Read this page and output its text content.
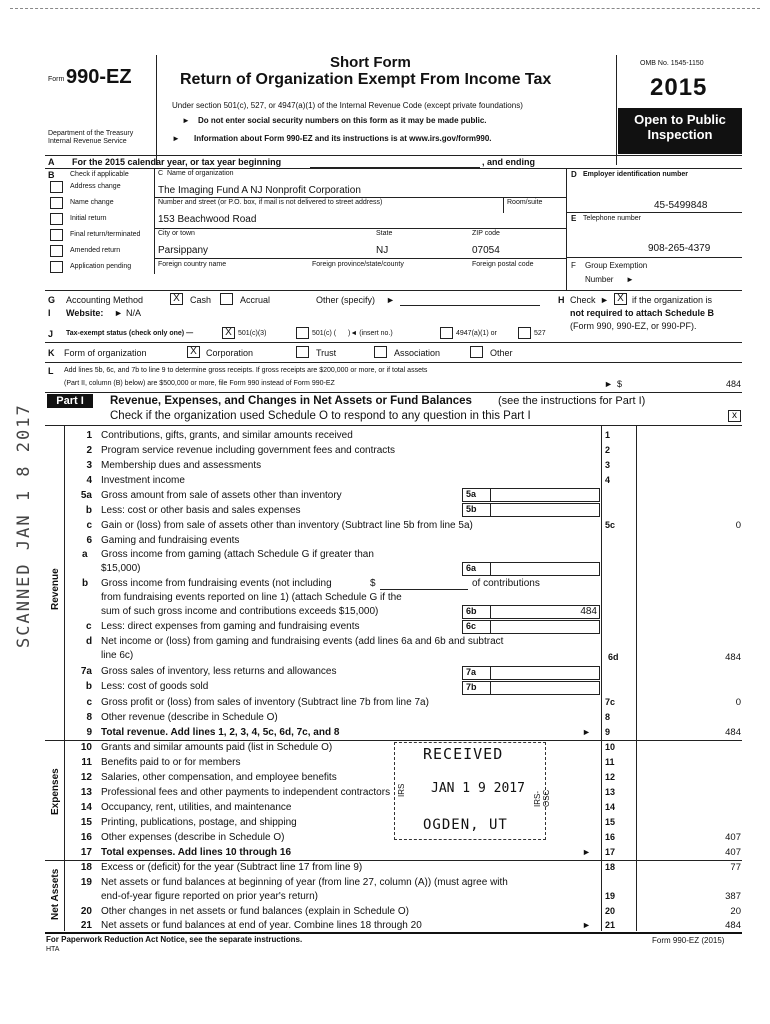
Form 990-EZ
Department of the Treasury
Internal Revenue Service
Short Form
Return of Organization Exempt From Income Tax
Under section 501(c), 527, or 4947(a)(1) of the Internal Revenue Code (except private foundations)
► Do not enter social security numbers on this form as it may be made public.
► Information about Form 990-EZ and its instructions is at www.irs.gov/form990.
OMB No. 1545-1150
2015
Open to Public
Inspection
A For the 2015 calendar year, or tax year beginning	, and ending
B Check if applicable
Address change
Name change
Initial return
Final return/terminated
Amended return
Application pending
C Name of organization
The Imaging Fund A NJ Nonprofit Corporation
Number and street (or P.O. box, if mail is not delivered to street address)	Room/suite
153 Beachwood Road
City or town	State	ZIP code
Parsippany	NJ	07054
Foreign country name	Foreign province/state/county	Foreign postal code
D Employer identification number
45-5499848
E Telephone number
908-265-4379
F Group Exemption
Number ►
G Accounting Method	X	Cash	Accrual	Other (specify) ►
I Website: ► N/A
H Check ► X if the organization is
not required to attach Schedule B
(Form 990, 990-EZ, or 990-PF).
J Tax-exempt status (check only one) —	X 501(c)(3)	501(c) ( )◄ (insert no.)	4947(a)(1) or	527
K Form of organization	X	Corporation	Trust	Association	Other
L Add lines 5b, 6c, and 7b to line 9 to determine gross receipts. If gross receipts are $200,000 or more, or if total assets
(Part II, column (B) below) are $500,000 or more, file Form 990 instead of Form 990-EZ	► $	484
Part I	Revenue, Expenses, and Changes in Net Assets or Fund Balances (see the instructions for Part I)
Check if the organization used Schedule O to respond to any question in this Part I	x
Revenue
Expenses
Net Assets
1 Contributions, gifts, grants, and similar amounts received	1
2 Program service revenue including government fees and contracts	2
3 Membership dues and assessments	3
4 Investment income	4
5a Gross amount from sale of assets other than inventory	5a
b Less: cost or other basis and sales expenses	5b
c Gain or (loss) from sale of assets other than inventory (Subtract line 5b from line 5a)	5c	0
6 Gaming and fundraising events
a Gross income from gaming (attach Schedule G if greater than
$15,000)	6a
b Gross income from fundraising events (not including	$	of contributions
from fundraising events reported on line 1) (attach Schedule G if the
sum of such gross income and contributions exceeds $15,000)	6b	484
c Less: direct expenses from gaming and fundraising events	6c
d Net income or (loss) from gaming and fundraising events (add lines 6a and 6b and subtract
line 6c)	6d	484
7a Gross sales of inventory, less returns and allowances	7a
b Less: cost of goods sold	7b
c Gross profit or (loss) from sales of inventory (Subtract line 7b from line 7a)	7c	0
8 Other revenue (describe in Schedule O)	8
9 Total revenue. Add lines 1, 2, 3, 4, 5c, 6d, 7c, and 8	9	484
►
10 Grants and similar amounts paid (list in Schedule O)	10
11 Benefits paid to or for members	11
12 Salaries, other compensation, and employee benefits	12
13 Professional fees and other payments to independent contractors	13
14 Occupancy, rent, utilities, and maintenance	14
15 Printing, publications, postage, and shipping	15
16 Other expenses (describe in Schedule O)	16	407
17 Total expenses. Add lines 10 through 16	17	407
►
18 Excess or (deficit) for the year (Subtract line 17 from line 9)	18	77
19 Net assets or fund balances at beginning of year (from line 27, column (A)) (must agree with
end-of-year figure reported on prior year's return)	19	387
20 Other changes in net assets or fund balances (explain in Schedule O)	20	20
21 Net assets or fund balances at end of year. Combine lines 18 through 20	21	484
►
For Paperwork Reduction Act Notice, see the separate instructions.
HTA
Form 990-EZ (2015)
RECEIVED
JAN 1 9 2017
OGDEN, UT
IRS
IRS-OSC
SCANNED JAN 1 8 2017
